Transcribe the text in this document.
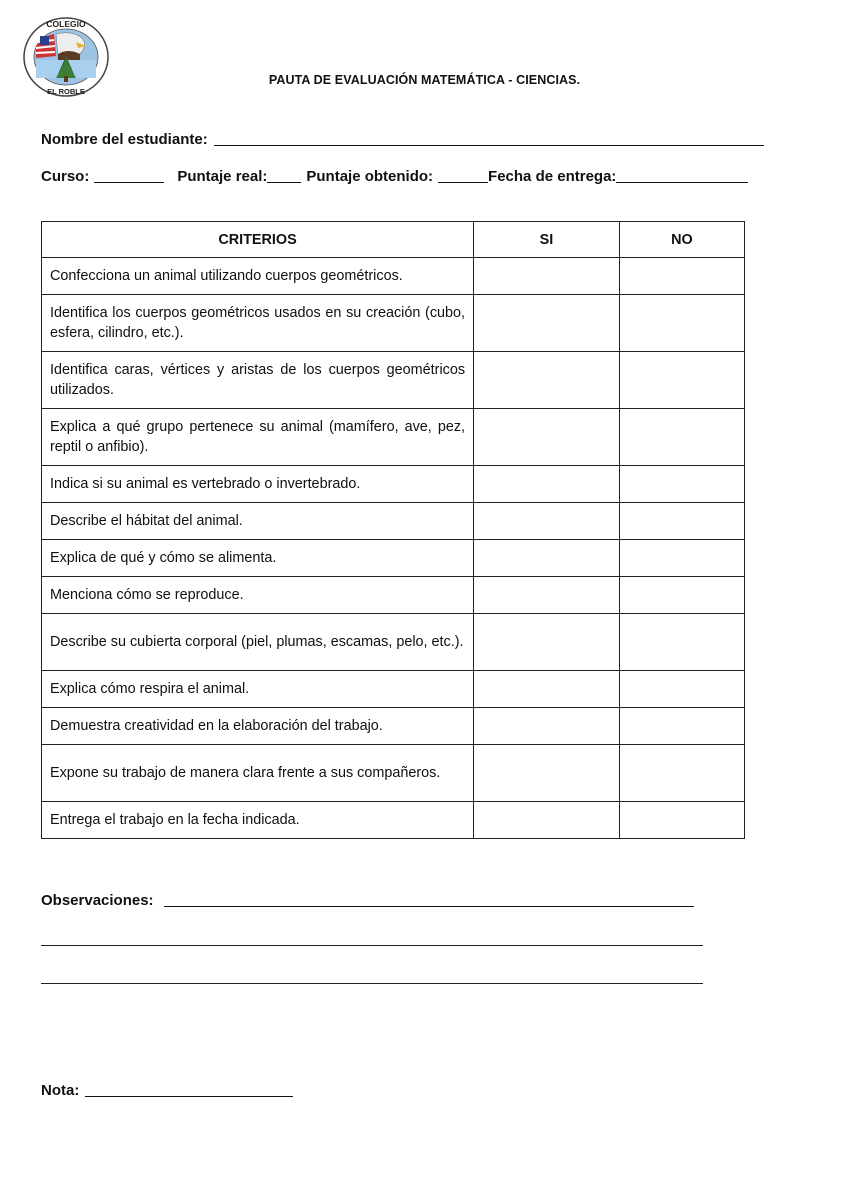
COLEGIO
EL ROBLE
PAUTA DE EVALUACIÓN MATEMÁTICA - CIENCIAS.
Nombre del estudiante:
Curso:	Puntaje real:	Puntaje obtenido:	Fecha de entrega:
CRITERIOS	SI	NO
Confecciona un animal utilizando cuerpos geométricos.		
Identifica los cuerpos geométricos usados en su creación (cubo, esfera, cilindro, etc.).		
Identifica caras, vértices y aristas de los cuerpos geométricos utilizados.		
Explica a qué grupo pertenece su animal (mamífero, ave, pez, reptil o anfibio).		
Indica si su animal es vertebrado o invertebrado.		
Describe el hábitat del animal.		
Explica de qué y cómo se alimenta.		
Menciona cómo se reproduce.		
Describe su cubierta corporal (piel, plumas, escamas, pelo, etc.).		
Explica cómo respira el animal.		
Demuestra creatividad en la elaboración del trabajo.		
Expone su trabajo de manera clara frente a sus compañeros.		
Entrega el trabajo en la fecha indicada.		
Observaciones:
Nota:
